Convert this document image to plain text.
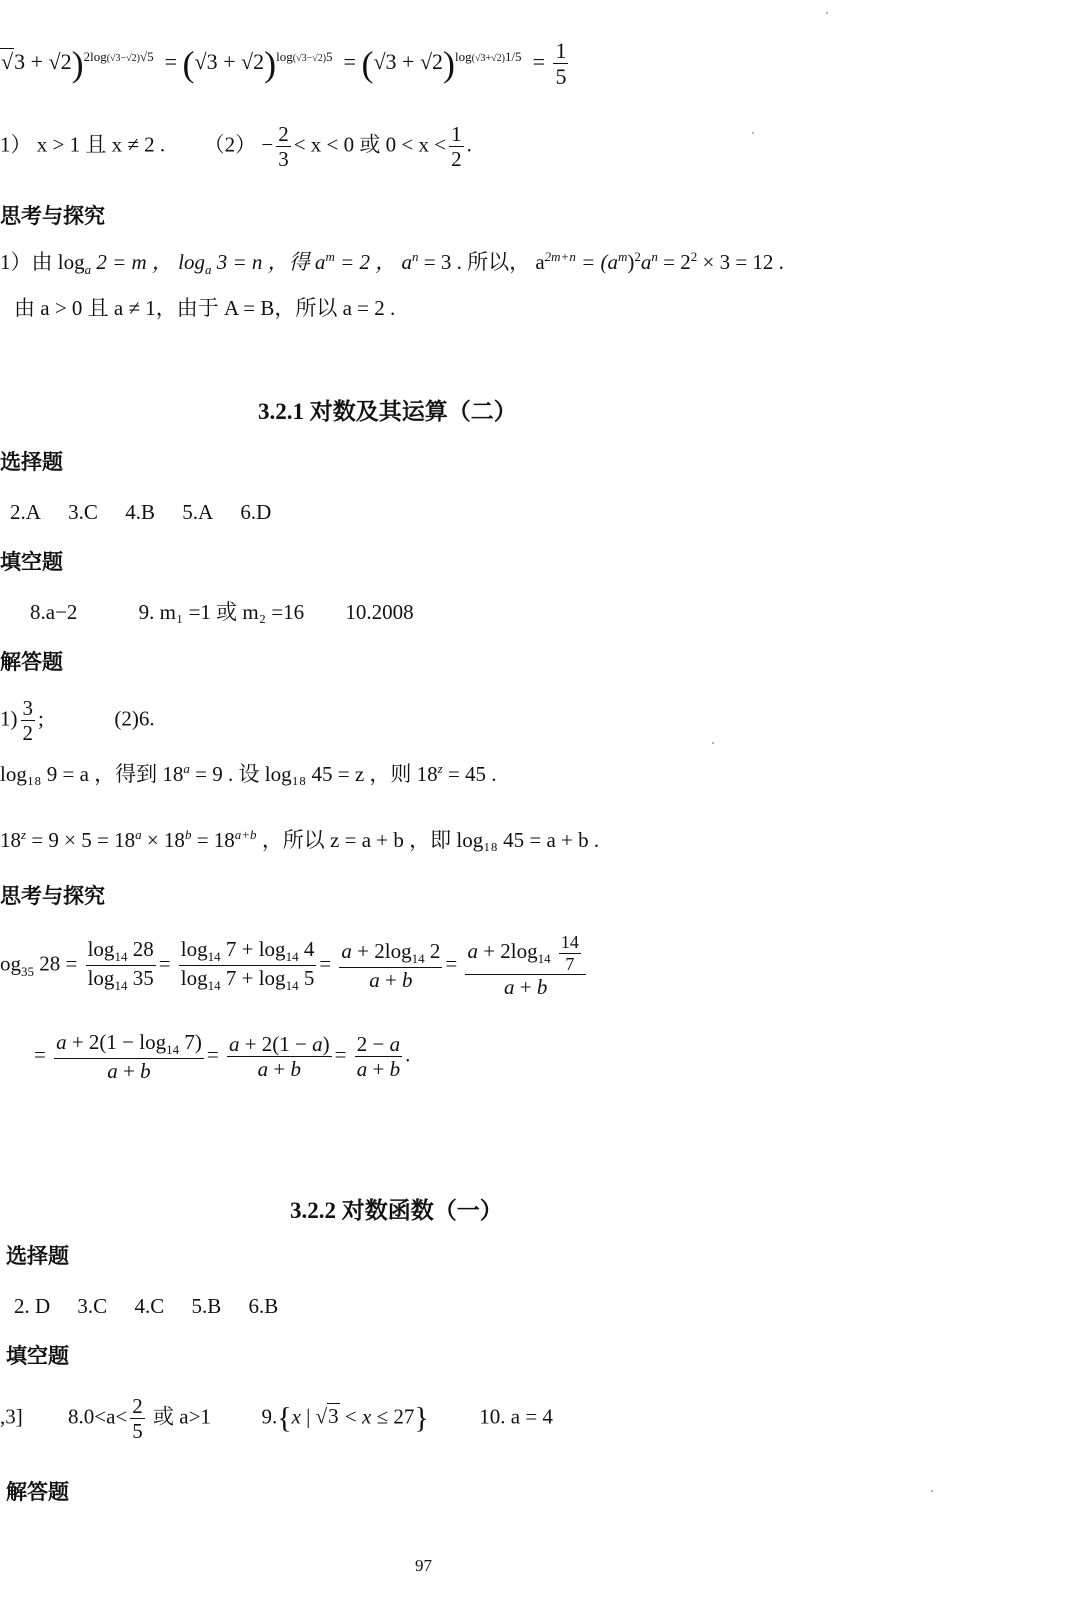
$√3 + √2)^{2log(√3-√2)√5} = (√3 + √2)^{log(√3-√2)5} = (√3 + √2)^{log(√3+√2)1/5} = \frac{1}{5}$
1） x > 1 且 x ≠ 2 . $(2) - \frac{2}{3} < x < 0$ 或 $0 < x < \frac{1}{2}$ .
思考与探究
1）由 $\log_a 2 = m$ ， $\log_a 3 = n$ ，得 $a^m = 2$ ， $a^n = 3$ . 所以， $a^{2m+n} = (a^m)^2a^n = 2^2 \times 3 = 12$ .
由 a > 0 且 a ≠ 1，由于 A = B，所以 a = 2 .
3.2.1 对数及其运算（二）
选择题
2.A 3.C 4.B 5.A 6.D
填空题
8.a−2	9. m₁ =1 或 m₂ =16 10.2008
解答题
$1) \frac{3}{2}$ ;	(2)6.
log₁₈ 9 = a ，得到 $18^a = 9$ . 设 log₁₈ 45 = z ，则 $18^z = 45$ .
$18^z = 9 \times 5 = 18^a \times 18^b = 18^{a+b}$ ，所以 z = a + b ，即 log₁₈ 45 = a + b .
思考与探究
$og_{35}$ $28 = \frac{\log_{14} 28}{\log_{14} 35} = \frac{\log_{14} 7 + \log_{14} 4}{\log_{14} 7 + \log_{14} 5} = \frac{a + 2\log_{14} 2}{a + b} = \frac{a + 2\log_{14} \frac{14}{7}}{a + b}$
= $\frac{a + 2(1 - \log_{14} 7)}{a + b} = \frac{a + 2(1 - a)}{a + b} = \frac{2 - a}{a + b}$ .
3.2.2 对数函数（一）
选择题
2. D 3.C 4.C 5.B 6.B
填空题
,3] $8.0<a< \frac{2}{5}$ 或 a>1 9.{x | √3 < x ≤ 27} 10. a = 4
解答题
97
